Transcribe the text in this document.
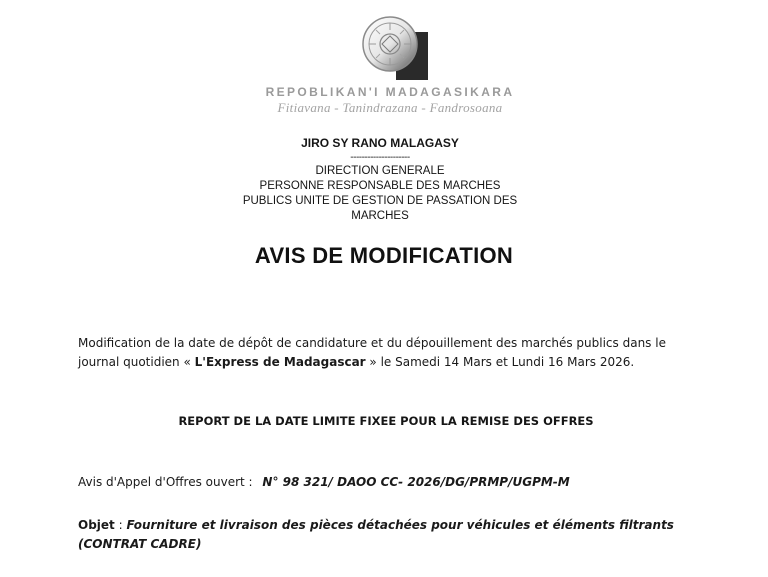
REPOBLIKAN'I MADAGASIKARA
Fitiavana - Tanindrazana - Fandrosoana
JIRO SY RANO MALAGASY
---------------------
DIRECTION GENERALE
PERSONNE RESPONSABLE DES MARCHES
PUBLICS UNITE DE GESTION DE PASSATION DES
MARCHES
AVIS DE MODIFICATION
Modification de la date de dépôt de candidature et du dépouillement des marchés publics dans le journal quotidien « L'Express de Madagascar » le Samedi 14 Mars et Lundi 16 Mars 2026.
REPORT DE LA DATE LIMITE FIXEE POUR LA REMISE DES OFFRES
Avis d'Appel d'Offres ouvert : N° 98 321/ DAOO CC- 2026/DG/PRMP/UGPM-M
Objet : Fourniture et livraison des pièces détachées pour véhicules et éléments filtrants (CONTRAT CADRE)
